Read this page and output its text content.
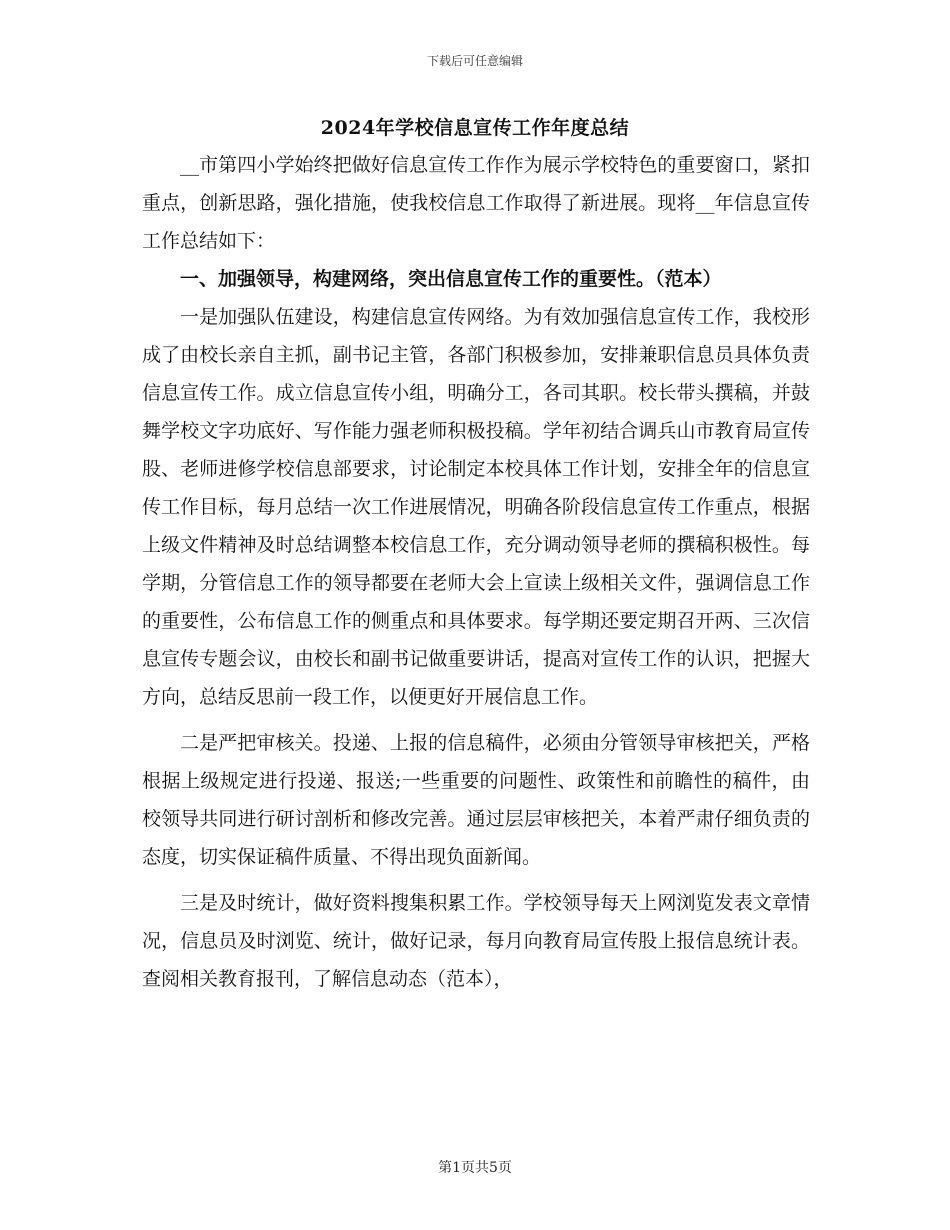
下载后可任意编辑
2024年学校信息宣传工作年度总结

__市第四小学始终把做好信息宣传工作作为展示学校特色的重要窗口，紧扣重点，创新思路，强化措施，使我校信息工作取得了新进展。现将__年信息宣传工作总结如下：

一、加强领导，构建网络，突出信息宣传工作的重要性。（范本）

一是加强队伍建设，构建信息宣传网络。为有效加强信息宣传工作，我校形成了由校长亲自主抓，副书记主管，各部门积极参加，安排兼职信息员具体负责信息宣传工作。成立信息宣传小组，明确分工，各司其职。校长带头撰稿，并鼓舞学校文字功底好、写作能力强老师积极投稿。学年初结合调兵山市教育局宣传股、老师进修学校信息部要求，讨论制定本校具体工作计划，安排全年的信息宣传工作目标，每月总结一次工作进展情况，明确各阶段信息宣传工作重点，根据上级文件精神及时总结调整本校信息工作，充分调动领导老师的撰稿积极性。每学期，分管信息工作的领导都要在老师大会上宣读上级相关文件，强调信息工作的重要性，公布信息工作的侧重点和具体要求。每学期还要定期召开两、三次信息宣传专题会议，由校长和副书记做重要讲话，提高对宣传工作的认识，把握大方向，总结反思前一段工作，以便更好开展信息工作。

二是严把审核关。投递、上报的信息稿件，必须由分管领导审核把关，严格根据上级规定进行投递、报送;一些重要的问题性、政策性和前瞻性的稿件，由校领导共同进行研讨剖析和修改完善。通过层层审核把关，本着严肃仔细负责的态度，切实保证稿件质量、不得出现负面新闻。

三是及时统计，做好资料搜集积累工作。学校领导每天上网浏览发表文章情况，信息员及时浏览、统计，做好记录，每月向教育局宣传股上报信息统计表。查阅相关教育报刊，了解信息动态（范本），

第1页共5页
